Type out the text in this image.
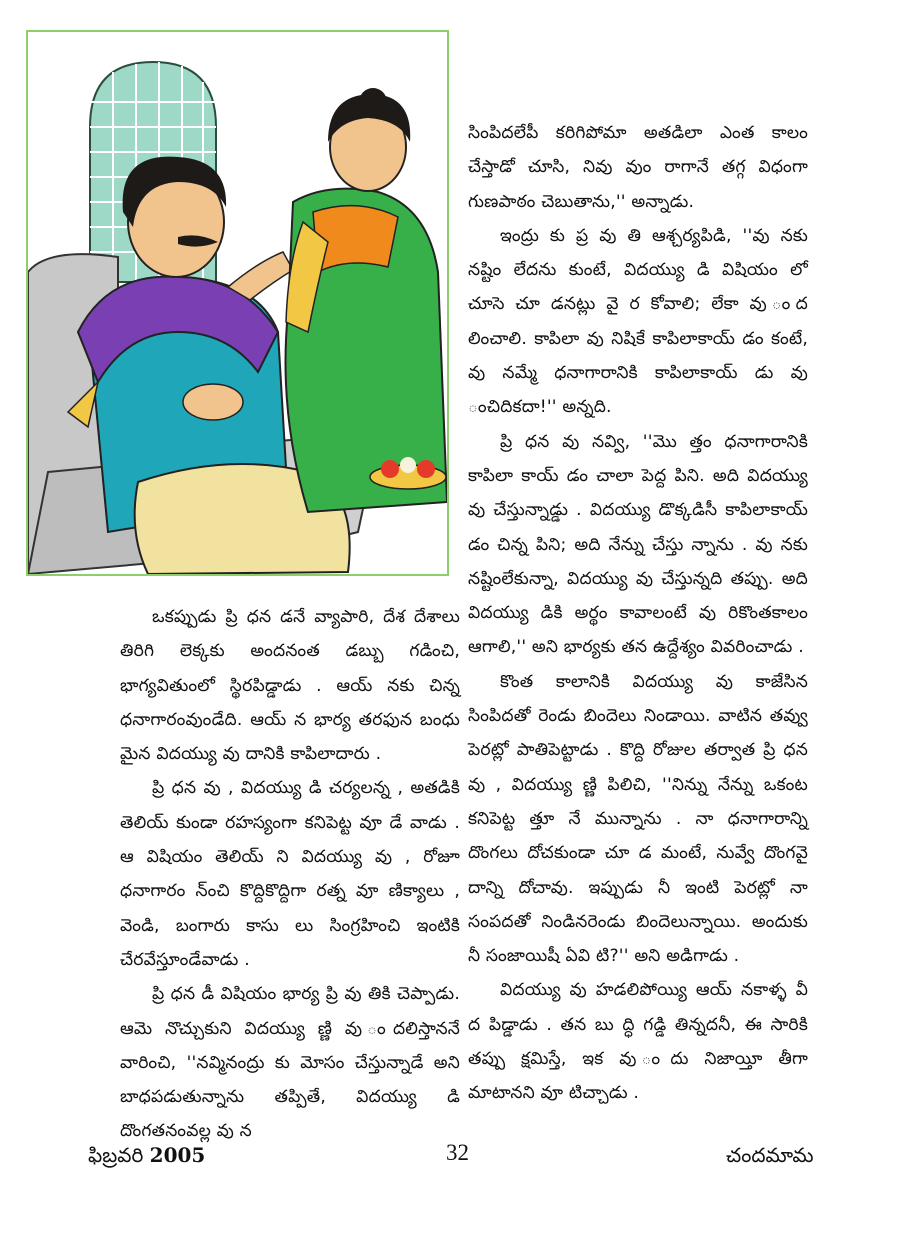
సింపిదలేపీ కరిగిపోమా అతడిలా ఎంత కాలం చేస్తాడో చూసి, నివు వుం రాగానే తగ్గ విధంగా గుణపాఠం చెబుతాను,'' అన్నాడు.

ఇంద్రు కు ప్ర వు తి ఆశ్చర్యపిడి, ''వు నకు నష్టిం లేదను కుంటే, విదయ్యు డి విషియం లో చూసె చూ డనట్లు వై ర కోవాలి; లేకా వు ంద లించాలి. కాపిలా వు నిషికే కాపిలాకాయ్ డం కంటే, వు నమ్మే ధనాగారానికి కాపిలాకాయ్ డు వు ంచిదికదా!'' అన్నది.

ప్రి ధన వు నవ్వి, ''మొ త్తం ధనాగారానికి కాపిలా కాయ్ డం చాలా పెద్ద పిని. అది విదయ్యు వు చేస్తున్నాడ్డు . విదయ్యు డొక్కడిసీ కాపిలాకాయ్ డం చిన్న పిని; అది నేన్ను చేస్తు న్నాను . వు నకు నష్టింలేకున్నా, విదయ్యు వు చేస్తున్నది తప్పు. అది విదయ్యు డికి అర్థం కావాలంటే వు రికొంతకాలం ఆగాలి,'' అని భార్యకు తన ఉద్దేశ్యం వివరించాడు .

కొంత కాలానికి విదయ్యు వు కాజేసిన సింపిదతో రెండు బిందెలు నిండాయి. వాటిన తవ్వు పెరట్లో పాతిపెట్టాడు . కొద్ది రోజుల తర్వాత ప్రి ధన వు , విదయ్యు ణ్ణి పిలిచి, ''నిన్ను నేన్ను ఒకంట కనిపెట్ట త్తూ నే మున్నాను . నా ధనాగారాన్ని దొంగలు దోచకుండా చూ డ మంటే, నువ్వే దొంగవై దాన్ని దోచావు. ఇప్పుడు నీ ఇంటి పెరట్లో నా సంపదతో నిండినరెండు బిందెలున్నాయి. అందుకు నీ సంజాయిషీ ఏవి టి?'' అని అడిగాడు .

విదయ్యు వు హడలిపోయ్యి ఆయ్ నకాళ్ళ వీ ద పిడ్డాడు . తన బు ద్ధి గడ్డి తిన్నదనీ, ఈ సారికి తప్పు క్షమిస్తే, ఇక వు ందు నిజాయ్తీ తీగా మాటానని వూ టిచ్చాడు .

ఒకప్పుడు ప్రి ధన డనే వ్యాపారి, దేశ దేశాలు తిరిగి లెక్కకు అందనంత డబ్బు గడించి, భాగ్యవితుంలో స్థిరపిడ్డాడు . ఆయ్ నకు చిన్న ధనాగారంవుండేది. ఆయ్ న భార్య తరఫున బంధు మైన విదయ్యు వు దానికి కాపిలాదారు .

ప్రి ధన వు , విదయ్యు డి చర్యలన్న , అతడికి తెలియ్ కుండా రహస్యంగా కనిపెట్ట వూ డే వాడు . ఆ విషియం తెలియ్ ని విదయ్యు వు , రోజూ ధనాగారం న్ంచి కొద్దికొద్దిగా రత్న వూ ణిక్యాలు , వెండి, బంగారు కాసు లు సింగ్రహించి ఇంటికి చేరవేస్తూండేవాడు .

ప్రి ధన డీ విషియం భార్య ప్రి వు తికి చెప్పాడు. ఆమె నొచ్చుకుని విదయ్యు ణ్ణి వు ందలిస్తాననే వారించి, ''నవ్మినంద్రు కు మోసం చేస్తున్నాడే అని బాధపడుతున్నాను తప్పితే, విదయ్యు డి దొంగతనంవల్ల వు న

ఫిబ్రవరి 2005	32	చందమామ
